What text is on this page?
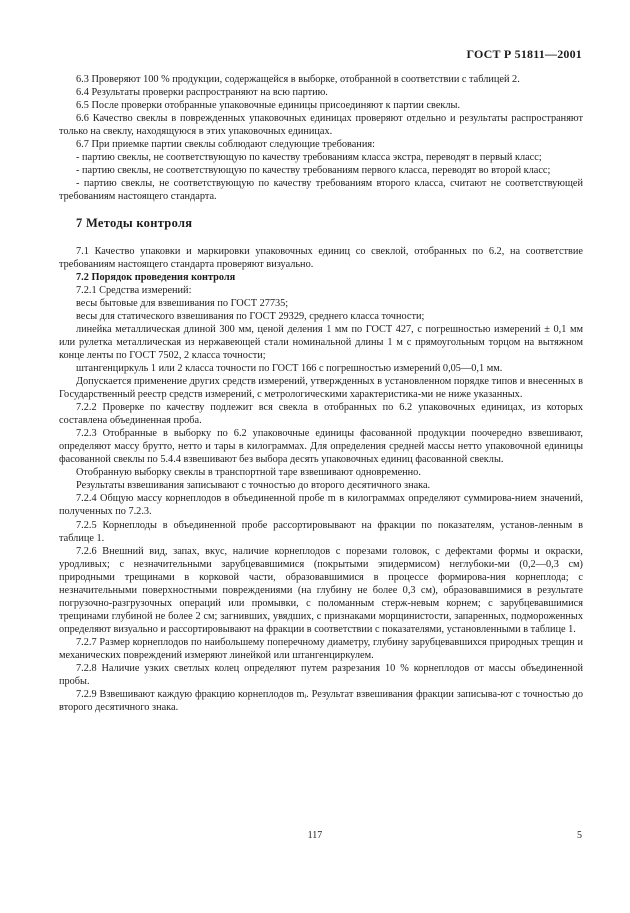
ГОСТ Р 51811—2001

6.3 Проверяют 100 % продукции, содержащейся в выборке, отобранной в соответствии с таблицей 2.

6.4 Результаты проверки распространяют на всю партию.

6.5 После проверки отобранные упаковочные единицы присоединяют к партии свеклы.

6.6 Качество свеклы в поврежденных упаковочных единицах проверяют отдельно и результаты распространяют только на свеклу, находящуюся в этих упаковочных единицах.

6.7 При приемке партии свеклы соблюдают следующие требования:

- партию свеклы, не соответствующую по качеству требованиям класса экстра, переводят в первый класс;

- партию свеклы, не соответствующую по качеству требованиям первого класса, переводят во второй класс;

- партию свеклы, не соответствующую по качеству требованиям второго класса, считают не соответствующей требованиям настоящего стандарта.

7 Методы контроля

7.1 Качество упаковки и маркировки упаковочных единиц со свеклой, отобранных по 6.2, на соответствие требованиям настоящего стандарта проверяют визуально.

7.2 Порядок проведения контроля

7.2.1 Средства измерений:

весы бытовые для взвешивания по ГОСТ 27735;

весы для статического взвешивания по ГОСТ 29329, среднего класса точности;

линейка металлическая длиной 300 мм, ценой деления 1 мм по ГОСТ 427, с погрешностью измерений ± 0,1 мм или рулетка металлическая из нержавеющей стали номинальной длины 1 м с прямоугольным торцом на вытяжном конце ленты по ГОСТ 7502, 2 класса точности;

штангенциркуль 1 или 2 класса точности по ГОСТ 166 с погрешностью измерений 0,05—0,1 мм.

Допускается применение других средств измерений, утвержденных в установленном порядке типов и внесенных в Государственный реестр средств измерений, с метрологическими характеристика-ми не ниже указанных.

7.2.2 Проверке по качеству подлежит вся свекла в отобранных по 6.2 упаковочных единицах, из которых составлена объединенная проба.

7.2.3 Отобранные в выборку по 6.2 упаковочные единицы фасованной продукции поочередно взвешивают, определяют массу брутто, нетто и тары в килограммах. Для определения средней массы нетто упаковочной единицы фасованной свеклы по 5.4.4 взвешивают без выбора десять упаковочных единиц фасованной свеклы.

Отобранную выборку свеклы в транспортной таре взвешивают одновременно.

Результаты взвешивания записывают с точностью до второго десятичного знака.

7.2.4 Общую массу корнеплодов в объединенной пробе m в килограммах определяют суммирова-нием значений, полученных по 7.2.3.

7.2.5 Корнеплоды в объединенной пробе рассортировывают на фракции по показателям, установ-ленным в таблице 1.

7.2.6 Внешний вид, запах, вкус, наличие корнеплодов с порезами головок, с дефектами формы и окраски, уродливых; с незначительными зарубцевавшимися (покрытыми эпидермисом) неглубоки-ми (0,2—0,3 см) природными трещинами в корковой части, образовавшимися в процессе формирова-ния корнеплода; с незначительными поверхностными повреждениями (на глубину не более 0,3 см), образовавшимися в результате погрузочно-разгрузочных операций или промывки, с поломанным стерж-невым корнем; с зарубцевавшимися трещинами глубиной не более 2 см; загнивших, увядших, с признаками морщинистости, запаренных, подмороженных определяют визуально и рассортировывают на фракции в соответствии с показателями, установленными в таблице 1.

7.2.7 Размер корнеплодов по наибольшему поперечному диаметру, глубину зарубцевавшихся природных трещин и механических повреждений измеряют линейкой или штангенциркулем.

7.2.8 Наличие узких светлых колец определяют путем разрезания 10 % корнеплодов от массы объединенной пробы.

7.2.9 Взвешивают каждую фракцию корнеплодов mᵢ. Результат взвешивания фракции записыва-ют с точностью до второго десятичного знака.

117	5
